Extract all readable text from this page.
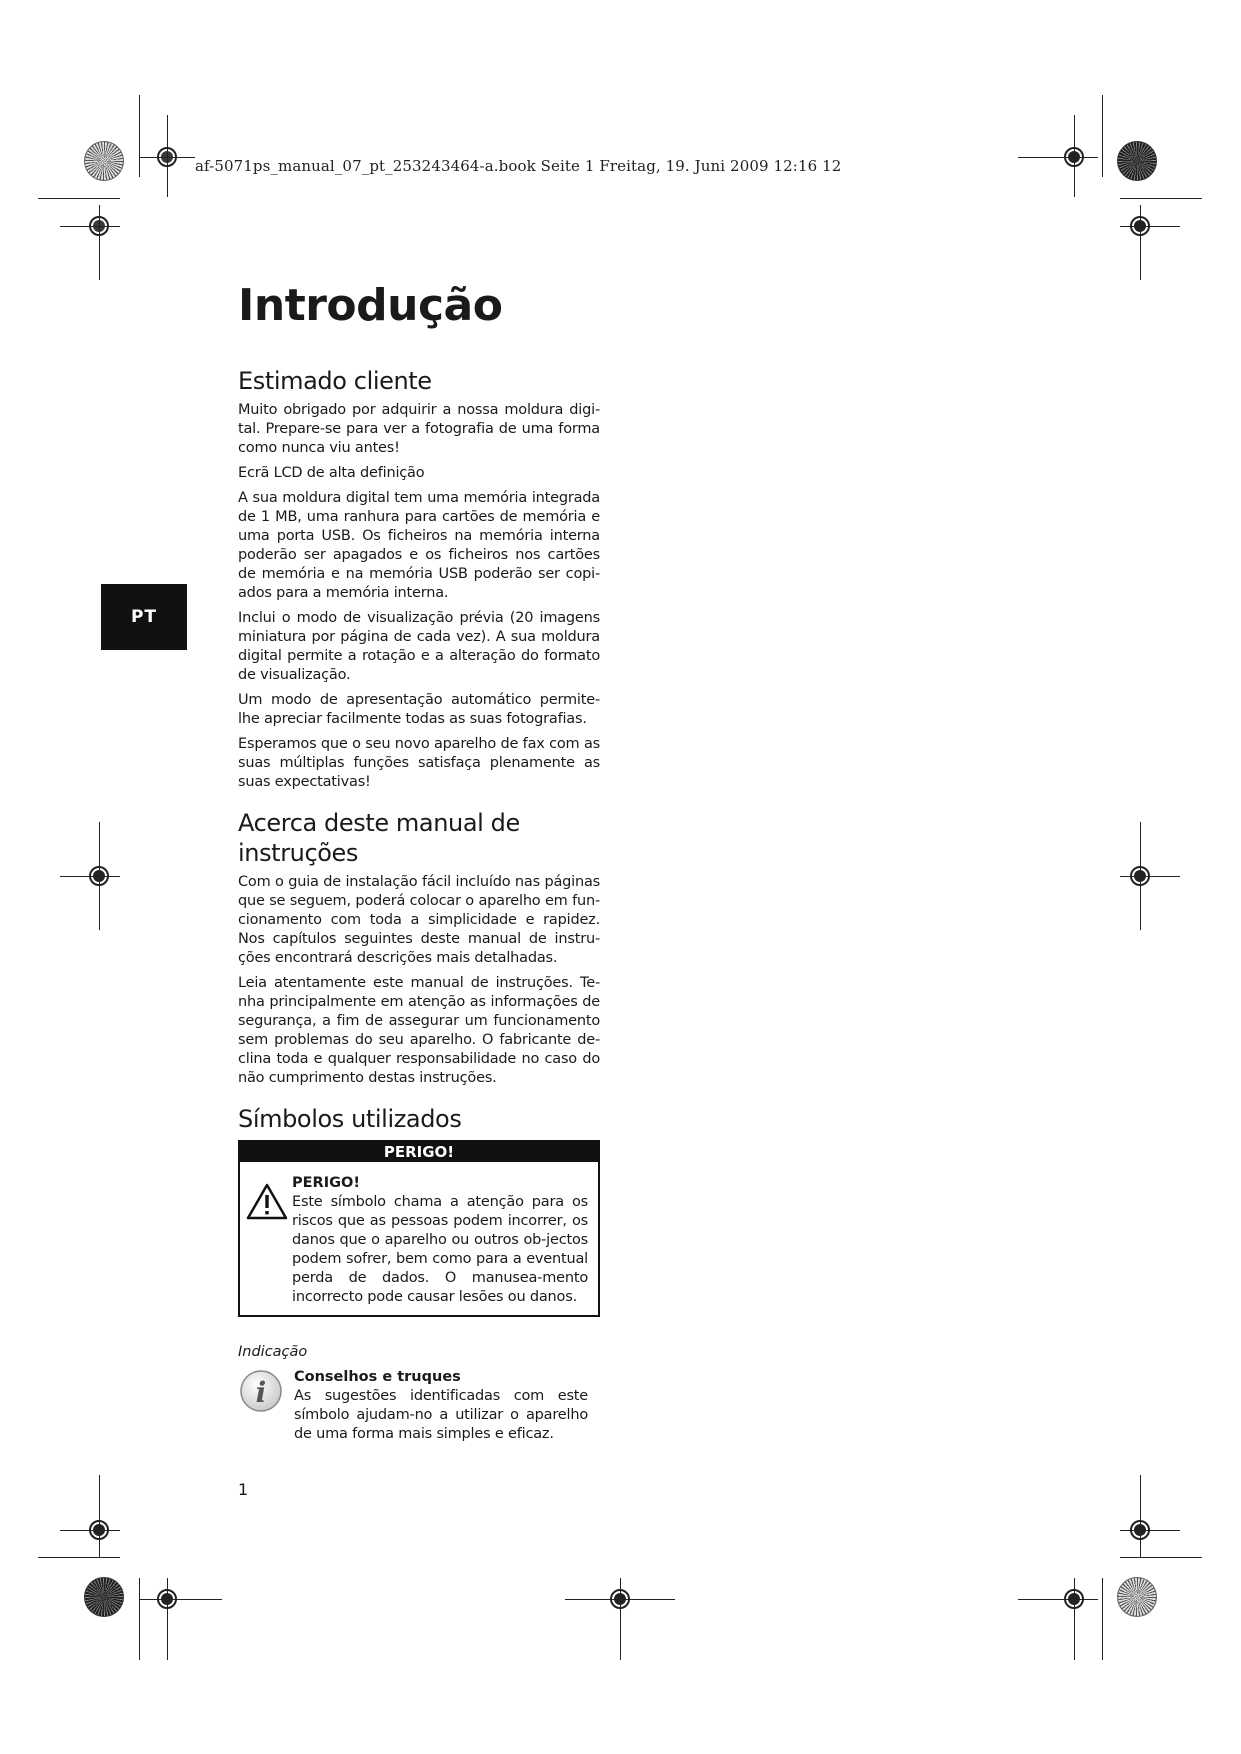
af-5071ps_manual_07_pt_253243464-a.book Seite 1 Freitag, 19. Juni 2009 12:16 12
PT
Introdução
Estimado cliente

Muito obrigado por adquirir a nossa moldura digi-tal. Prepare-se para ver a fotografia de uma forma como nunca viu antes!

Ecrã LCD de alta definição

A sua moldura digital tem uma memória integrada de 1 MB, uma ranhura para cartões de memória e uma porta USB. Os ficheiros na memória interna poderão ser apagados e os ficheiros nos cartões de memória e na memória USB poderão ser copi-ados para a memória interna.

Inclui o modo de visualização prévia (20 imagens miniatura por página de cada vez). A sua moldura digital permite a rotação e a alteração do formato de visualização.

Um modo de apresentação automático permite-lhe apreciar facilmente todas as suas fotografias.

Esperamos que o seu novo aparelho de fax com as suas múltiplas funções satisfaça plenamente as suas expectativas!

Acerca deste manual de instruções

Com o guia de instalação fácil incluído nas páginas que se seguem, poderá colocar o aparelho em fun-cionamento com toda a simplicidade e rapidez. Nos capítulos seguintes deste manual de instru-ções encontrará descrições mais detalhadas.

Leia atentamente este manual de instruções. Te-nha principalmente em atenção as informações de segurança, a fim de assegurar um funcionamento sem problemas do seu aparelho. O fabricante de-clina toda e qualquer responsabilidade no caso do não cumprimento destas instruções.

Símbolos utilizados
PERIGO!

PERIGO!

Este símbolo chama a atenção para os riscos que as pessoas podem incorrer, os danos que o aparelho ou outros ob-jectos podem sofrer, bem como para a eventual perda de dados. O manusea-mento incorrecto pode causar lesões ou danos.

Indicação

i Conselhos e truques

As sugestões identificadas com este símbolo ajudam-no a utilizar o aparelho de uma forma mais simples e eficaz.

1
